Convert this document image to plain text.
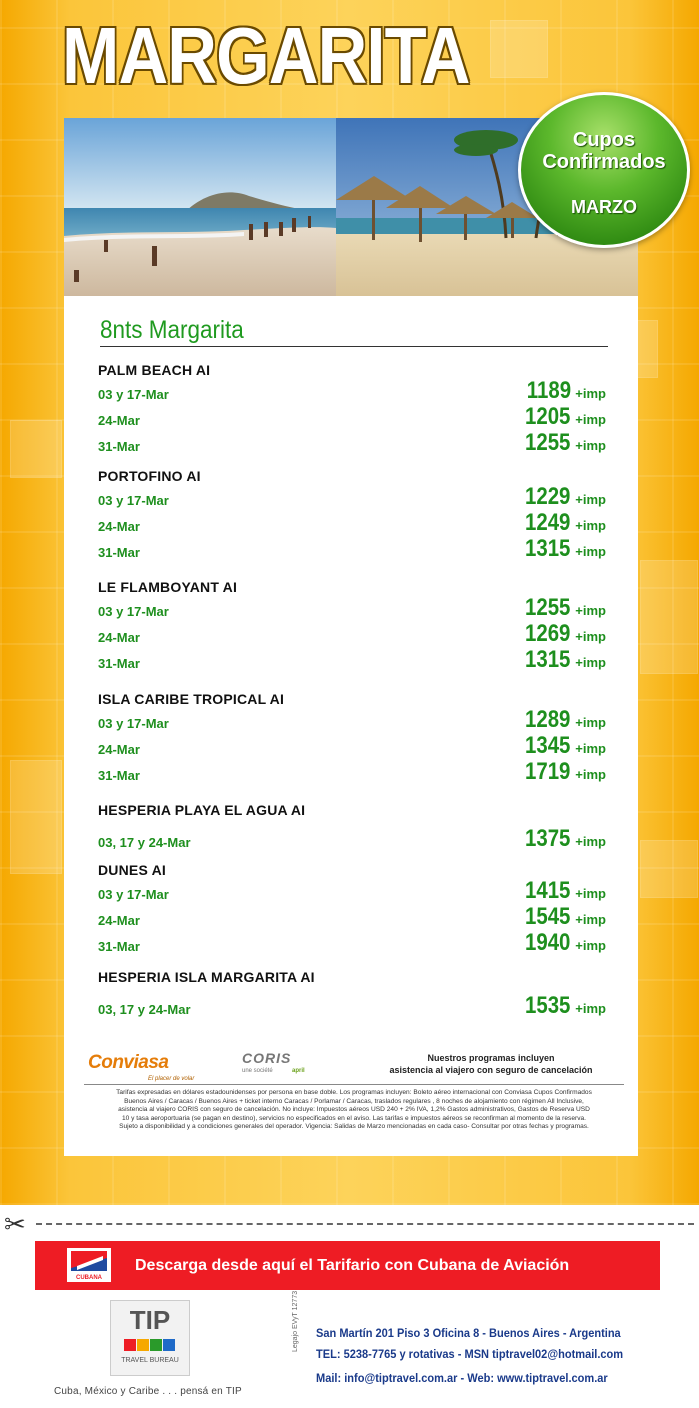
MARGARITA
Cupos
Confirmados
MARZO
8nts Margarita
PALM BEACH AI
03 y 17-Mar	1189 +imp
24-Mar	1205 +imp
31-Mar	1255 +imp
PORTOFINO AI
03 y 17-Mar	1229 +imp
24-Mar	1249 +imp
31-Mar	1315 +imp
LE FLAMBOYANT AI
03 y 17-Mar	1255 +imp
24-Mar	1269 +imp
31-Mar	1315 +imp
ISLA CARIBE TROPICAL AI
03 y 17-Mar	1289 +imp
24-Mar	1345 +imp
31-Mar	1719 +imp
HESPERIA PLAYA EL AGUA AI
03, 17 y 24-Mar	1375 +imp
DUNES AI
03 y 17-Mar	1415 +imp
24-Mar	1545 +imp
31-Mar	1940 +imp
HESPERIA ISLA MARGARITA AI
03, 17 y 24-Mar	1535 +imp
Conviasa
El placer de volar
CORIS
une société	april
Nuestros programas incluyen
asistencia al viajero con seguro de cancelación
Tarifas expresadas en dólares estadounidenses por persona en base doble. Los programas incluyen: Boleto aéreo internacional con Conviasa Cupos Confirmados
Buenos Aires / Caracas / Buenos Aires + ticket interno Caracas / Porlamar / Caracas, traslados regulares , 8 noches de alojamiento con régimen All Inclusive,
asistencia al viajero CORIS con seguro de cancelación. No incluye: Impuestos aéreos USD 240 + 2% IVA, 1,2% Gastos administrativos, Gastos de Reserva USD
10 y tasa aeroportuaria (se pagan en destino), servicios no especificados en el aviso. Las tarifas e impuestos aéreos se reconfirman al momento de la reserva.
Sujeto a disponibilidad y a condiciones generales del operador. Vigencia: Salidas de Marzo mencionadas en cada caso- Consultar por otras fechas y programas.
✂
CUBANA
Descarga desde aquí el Tarifario con Cubana de Aviación
TIP
TRAVEL BUREAU
Cuba, México y Caribe . . . pensá en TIP
Legajo EVyT 12773 San Martín 201 Piso 3 Oficina 8 - Buenos Aires - Argentina
TEL: 5238-7765 y rotativas - MSN tiptravel02@hotmail.com
Mail: info@tiptravel.com.ar - Web: www.tiptravel.com.ar
